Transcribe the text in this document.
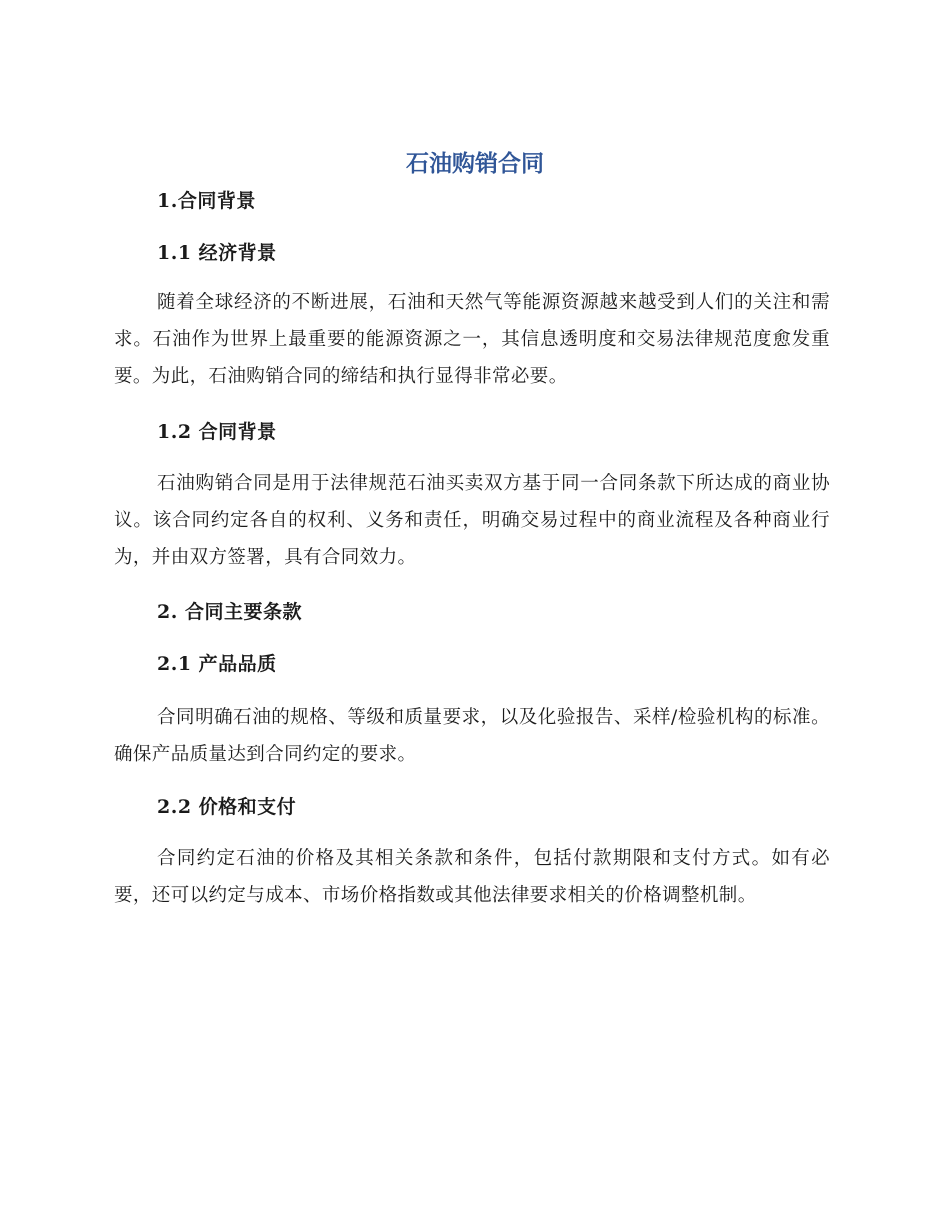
石油购销合同
1.合同背景
1.1 经济背景

随着全球经济的不断进展，石油和天然气等能源资源越来越受到人们的关注和需求。石油作为世界上最重要的能源资源之一，其信息透明度和交易法律规范度愈发重要。为此，石油购销合同的缔结和执行显得非常必要。

1.2 合同背景

石油购销合同是用于法律规范石油买卖双方基于同一合同条款下所达成的商业协议。该合同约定各自的权利、义务和责任，明确交易过程中的商业流程及各种商业行为，并由双方签署，具有合同效力。

2. 合同主要条款
2.1 产品品质

合同明确石油的规格、等级和质量要求，以及化验报告、采样/检验机构的标准。确保产品质量达到合同约定的要求。

2.2 价格和支付

合同约定石油的价格及其相关条款和条件，包括付款期限和支付方式。如有必要，还可以约定与成本、市场价格指数或其他法律要求相关的价格调整机制。
